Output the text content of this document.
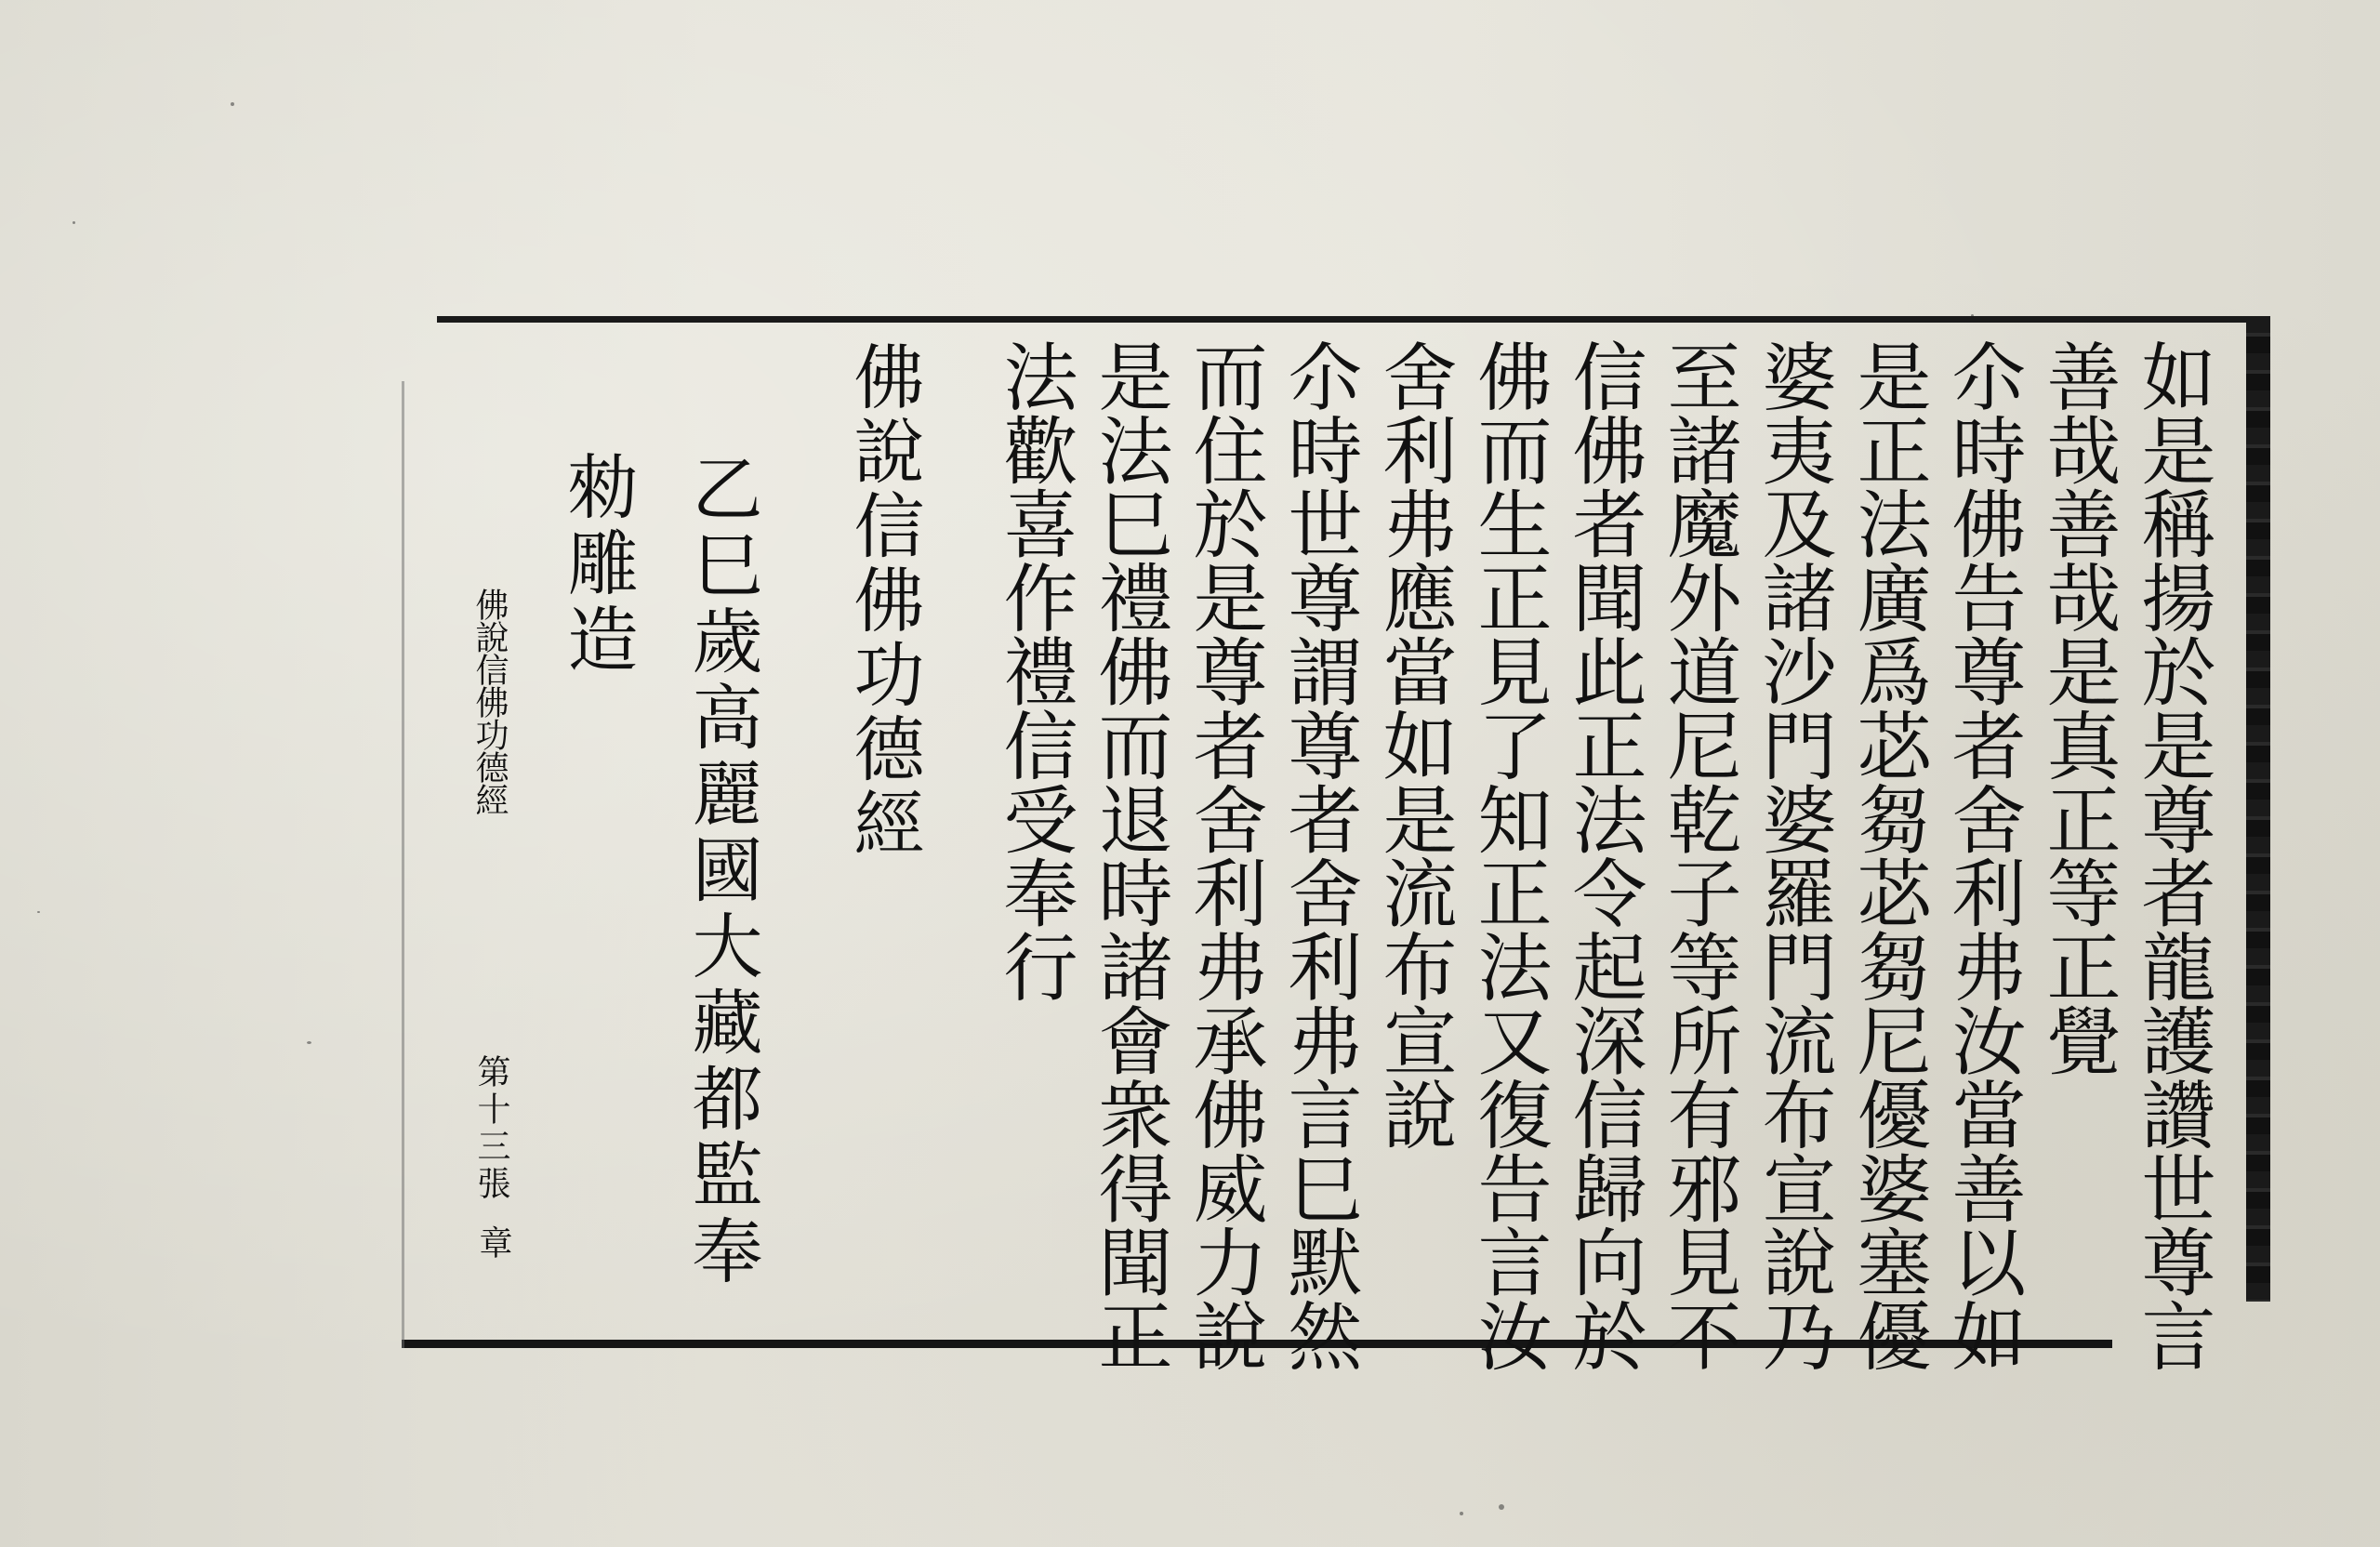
如是稱揚於是尊者龍護讚世尊言
善哉善哉是真正等正覺
尒時佛告尊者舍利弗汝當善以如
是正法廣爲苾芻苾芻尼優婆塞優
婆夷及諸沙門婆羅門流布宣說乃
至諸魔外道尼乾子等所有邪見不
信佛者聞此正法令起深信歸向於
佛而生正見了知正法又復告言汝
舍利弗應當如是流布宣說
尒時世尊謂尊者舍利弗言巳默然
而住於是尊者舍利弗承佛威力說
是法巳禮佛而退時諸會衆得聞正
法歡喜作禮信受奉行
佛說信佛功德經
乙巳歲高麗國大藏都監奉
勑雕造
佛說信佛功德經
第十三張
章
